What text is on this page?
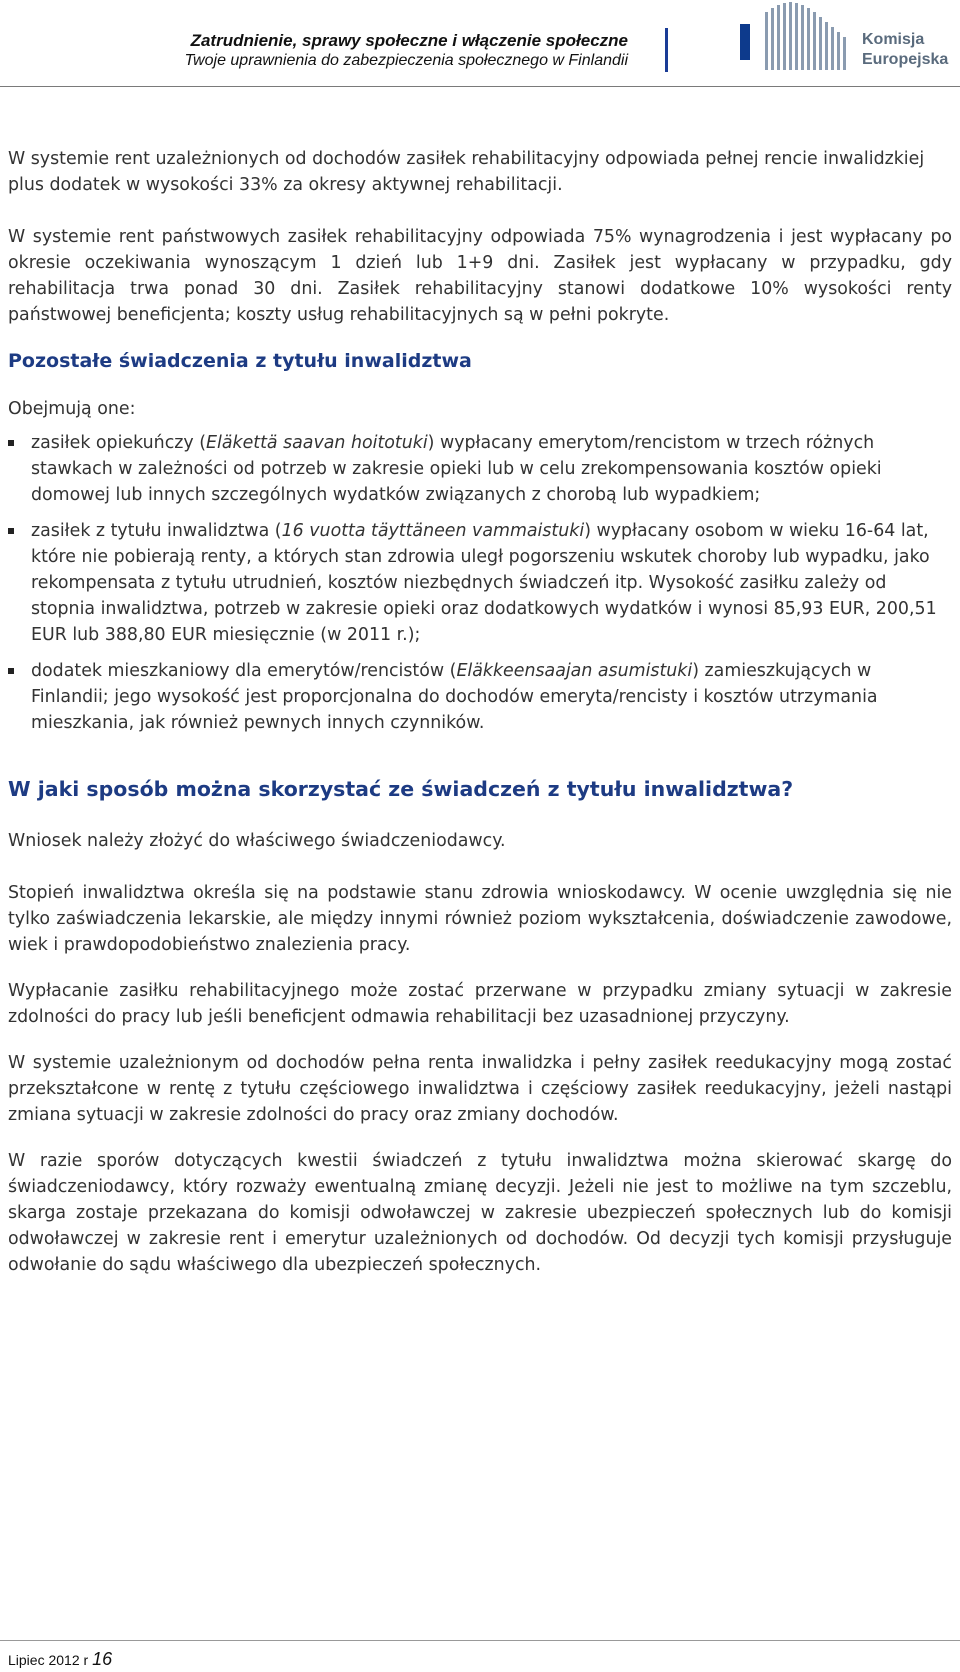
Zatrudnienie, sprawy społeczne i włączenie społeczne
Twoje uprawnienia do zabezpieczenia społecznego w Finlandii
Komisja
Europejska

W systemie rent uzależnionych od dochodów zasiłek rehabilitacyjny odpowiada pełnej rencie inwalidzkiej plus dodatek w wysokości 33% za okresy aktywnej rehabilitacji.

W systemie rent państwowych zasiłek rehabilitacyjny odpowiada 75% wynagrodzenia i jest wypłacany po okresie oczekiwania wynoszącym 1 dzień lub 1+9 dni. Zasiłek jest wypłacany w przypadku, gdy rehabilitacja trwa ponad 30 dni. Zasiłek rehabilitacyjny stanowi dodatkowe 10% wysokości renty państwowej beneficjenta; koszty usług rehabilitacyjnych są w pełni pokryte.

Pozostałe świadczenia z tytułu inwalidztwa

Obejmują one:

zasiłek opiekuńczy (Eläkettä saavan hoitotuki) wypłacany emerytom/rencistom w trzech różnych stawkach w zależności od potrzeb w zakresie opieki lub w celu zrekompensowania kosztów opieki domowej lub innych szczególnych wydatków związanych z chorobą lub wypadkiem;
zasiłek z tytułu inwalidztwa (16 vuotta täyttäneen vammaistuki) wypłacany osobom w wieku 16-64 lat, które nie pobierają renty, a których stan zdrowia uległ pogorszeniu wskutek choroby lub wypadku, jako rekompensata z tytułu utrudnień, kosztów niezbędnych świadczeń itp. Wysokość zasiłku zależy od stopnia inwalidztwa, potrzeb w zakresie opieki oraz dodatkowych wydatków i wynosi 85,93 EUR, 200,51 EUR lub 388,80 EUR miesięcznie (w 2011 r.);
dodatek mieszkaniowy dla emerytów/rencistów (Eläkkeensaajan asumistuki) zamieszkujących w Finlandii; jego wysokość jest proporcjonalna do dochodów emeryta/rencisty i kosztów utrzymania mieszkania, jak również pewnych innych czynników.

W jaki sposób można skorzystać ze świadczeń z tytułu inwalidztwa?

Wniosek należy złożyć do właściwego świadczeniodawcy.

Stopień inwalidztwa określa się na podstawie stanu zdrowia wnioskodawcy. W ocenie uwzględnia się nie tylko zaświadczenia lekarskie, ale między innymi również poziom wykształcenia, doświadczenie zawodowe, wiek i prawdopodobieństwo znalezienia pracy.

Wypłacanie zasiłku rehabilitacyjnego może zostać przerwane w przypadku zmiany sytuacji w zakresie zdolności do pracy lub jeśli beneficjent odmawia rehabilitacji bez uzasadnionej przyczyny.

W systemie uzależnionym od dochodów pełna renta inwalidzka i pełny zasiłek reedukacyjny mogą zostać przekształcone w rentę z tytułu częściowego inwalidztwa i częściowy zasiłek reedukacyjny, jeżeli nastąpi zmiana sytuacji w zakresie zdolności do pracy oraz zmiany dochodów.

W razie sporów dotyczących kwestii świadczeń z tytułu inwalidztwa można skierować skargę do świadczeniodawcy, który rozważy ewentualną zmianę decyzji. Jeżeli nie jest to możliwe na tym szczeblu, skarga zostaje przekazana do komisji odwoławczej w zakresie ubezpieczeń społecznych lub do komisji odwoławczej w zakresie rent i emerytur uzależnionych od dochodów. Od decyzji tych komisji przysługuje odwołanie do sądu właściwego dla ubezpieczeń społecznych.

Lipiec 2012 r 16
